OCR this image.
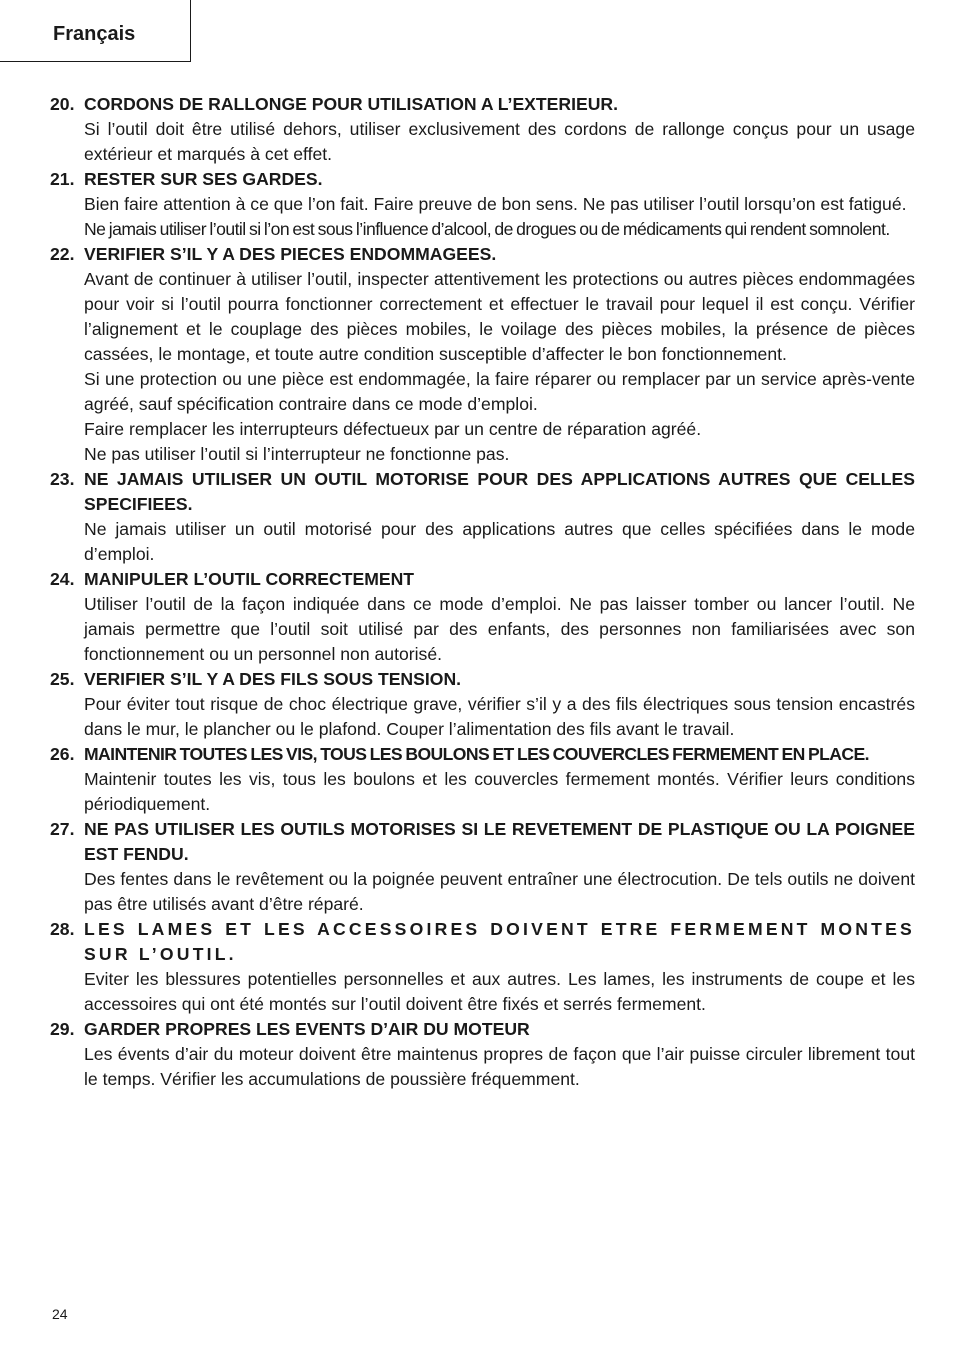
Français
20. CORDONS DE RALLONGE POUR UTILISATION A L’EXTERIEUR.
Si l’outil doit être utilisé dehors, utiliser exclusivement des cordons de rallonge conçus pour un usage extérieur et marqués à cet effet.
21. RESTER SUR SES GARDES.
Bien faire attention à ce que l’on fait. Faire preuve de bon sens. Ne pas utiliser l’outil lorsqu’on est fatigué.
Ne jamais utiliser l’outil si l’on est sous l’influence d’alcool, de drogues ou de médicaments qui rendent somnolent.
22. VERIFIER S’IL Y A DES PIECES ENDOMMAGEES.
Avant de continuer à utiliser l’outil, inspecter attentivement les protections ou autres pièces endommagées pour voir si l’outil pourra fonctionner correctement et effectuer le travail pour lequel il est conçu. Vérifier l’alignement et le couplage des pièces mobiles, le voilage des pièces mobiles, la présence de pièces cassées, le montage, et toute autre condition susceptible d’affecter le bon fonctionnement.
Si une protection ou une pièce est endommagée, la faire réparer ou remplacer par un service après-vente agréé, sauf spécification contraire dans ce mode d’emploi.
Faire remplacer les interrupteurs défectueux par un centre de réparation agréé.
Ne pas utiliser l’outil si l’interrupteur ne fonctionne pas.
23. NE JAMAIS UTILISER UN OUTIL MOTORISE POUR DES APPLICATIONS AUTRES QUE CELLES SPECIFIEES.
Ne jamais utiliser un outil motorisé pour des applications autres que celles spécifiées dans le mode d’emploi.
24. MANIPULER L’OUTIL CORRECTEMENT
Utiliser l’outil de la façon indiquée dans ce mode d’emploi. Ne pas laisser tomber ou lancer l’outil. Ne jamais permettre que l’outil soit utilisé par des enfants, des personnes non familiarisées avec son fonctionnement ou un personnel non autorisé.
25. VERIFIER S’IL Y A DES FILS SOUS TENSION.
Pour éviter tout risque de choc électrique grave, vérifier s’il y a des fils électriques sous tension encastrés dans le mur, le plancher ou le plafond. Couper l’alimentation des fils avant le travail.
26. MAINTENIR TOUTES LES VIS, TOUS LES BOULONS ET LES COUVERCLES FERMEMENT EN PLACE.
Maintenir toutes les vis, tous les boulons et les couvercles fermement montés. Vérifier leurs conditions périodiquement.
27. NE PAS UTILISER LES OUTILS MOTORISES SI LE REVETEMENT DE PLASTIQUE OU LA POIGNEE EST FENDU.
Des fentes dans le revêtement ou la poignée peuvent entraîner une électrocution. De tels outils ne doivent pas être utilisés avant d’être réparé.
28. LES LAMES ET LES ACCESSOIRES DOIVENT ETRE FERMEMENT MONTES SUR L’OUTIL.
Eviter les blessures potentielles personnelles et aux autres. Les lames, les instruments de coupe et les accessoires qui ont été montés sur l’outil doivent être fixés et serrés fermement.
29. GARDER PROPRES LES EVENTS D’AIR DU MOTEUR
Les évents d’air du moteur doivent être maintenus propres de façon que l’air puisse circuler librement tout le temps. Vérifier les accumulations de poussière fréquemment.
24
